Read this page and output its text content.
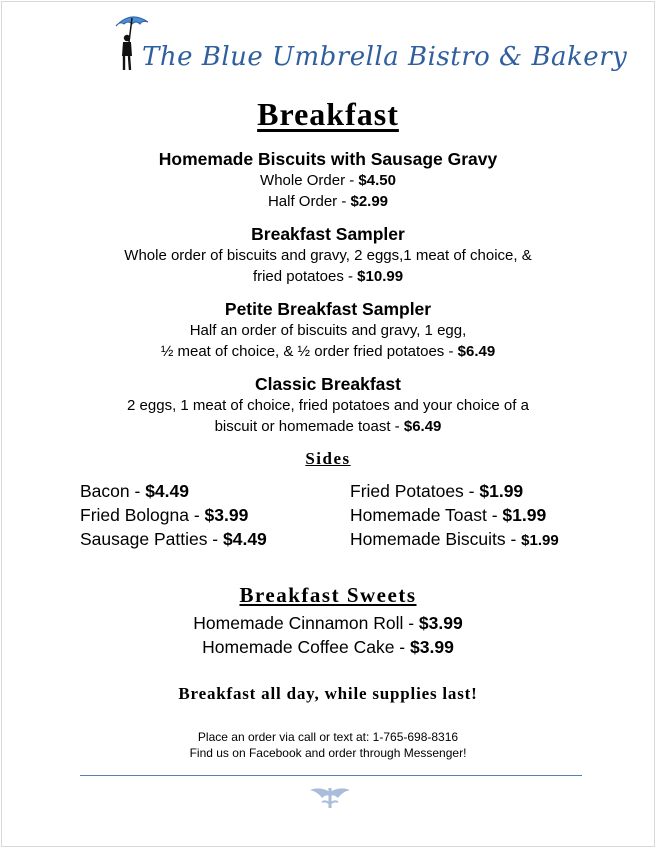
The Blue Umbrella Bistro & Bakery
Breakfast
Homemade Biscuits with Sausage Gravy
Whole Order - $4.50
Half Order - $2.99
Breakfast Sampler
Whole order of biscuits and gravy, 2 eggs,1 meat of choice, &
fried potatoes - $10.99
Petite Breakfast Sampler
Half an order of biscuits and gravy, 1 egg,
½ meat of choice, & ½ order fried potatoes - $6.49
Classic Breakfast
2 eggs, 1 meat of choice, fried potatoes and your choice of a
biscuit or homemade toast - $6.49
Sides
Bacon - $4.49
Fried Bologna - $3.99
Sausage Patties - $4.49
Fried Potatoes - $1.99
Homemade Toast - $1.99
Homemade Biscuits - $1.99
Breakfast Sweets
Homemade Cinnamon Roll - $3.99
Homemade Coffee Cake - $3.99
Breakfast all day, while supplies last!
Place an order via call or text at: 1-765-698-8316
Find us on Facebook and order through Messenger!
